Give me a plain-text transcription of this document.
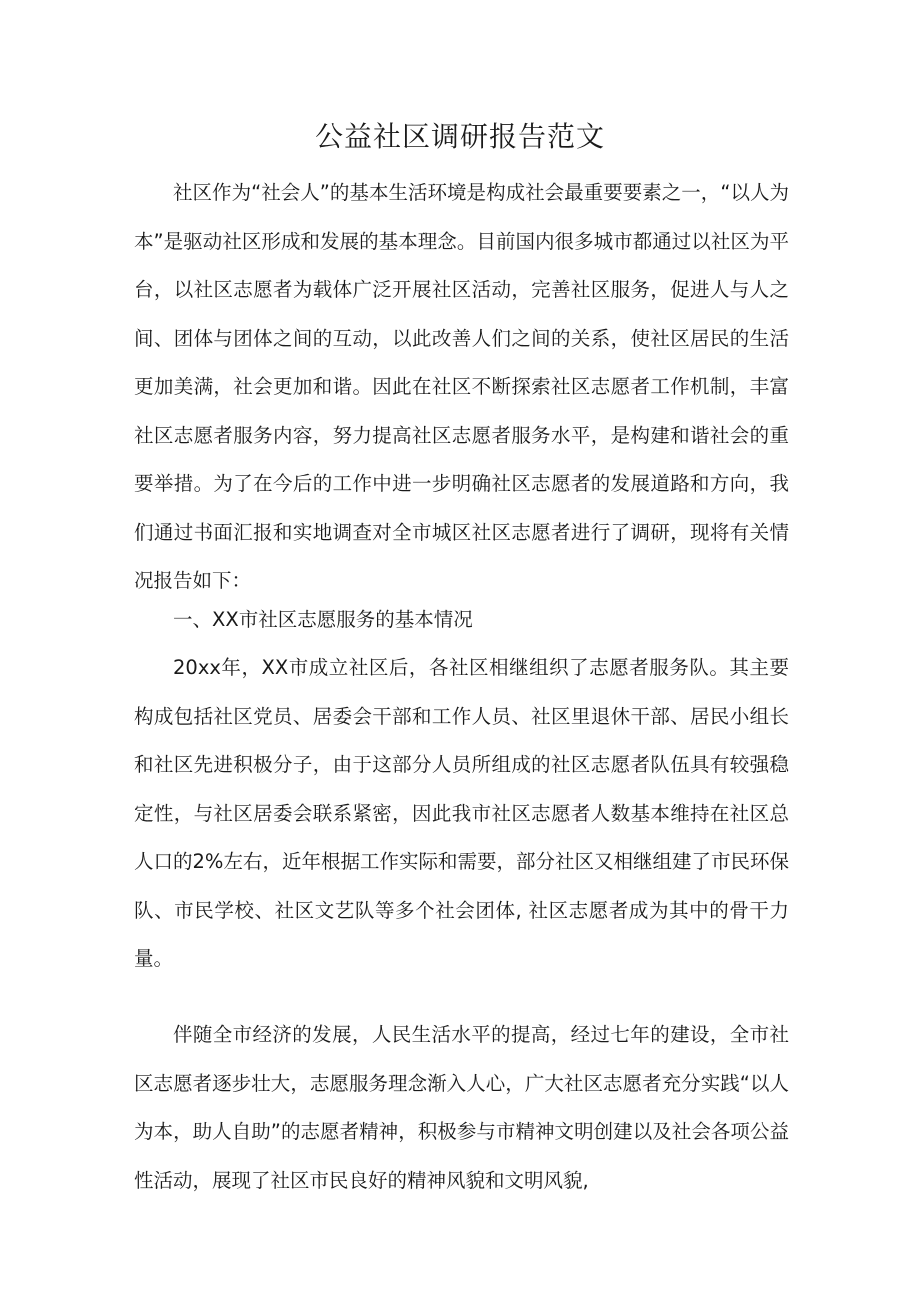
公益社区调研报告范文

社区作为“社会人”的基本生活环境是构成社会最重要要素之一，“以人为本”是驱动社区形成和发展的基本理念。目前国内很多城市都通过以社区为平台，以社区志愿者为载体广泛开展社区活动，完善社区服务，促进人与人之间、团体与团体之间的互动，以此改善人们之间的关系，使社区居民的生活更加美满，社会更加和谐。因此在社区不断探索社区志愿者工作机制，丰富社区志愿者服务内容，努力提高社区志愿者服务水平，是构建和谐社会的重要举措。为了在今后的工作中进一步明确社区志愿者的发展道路和方向，我们通过书面汇报和实地调查对全市城区社区志愿者进行了调研，现将有关情况报告如下：

一、XX市社区志愿服务的基本情况

20xx年，XX市成立社区后，各社区相继组织了志愿者服务队。其主要构成包括社区党员、居委会干部和工作人员、社区里退休干部、居民小组长和社区先进积极分子，由于这部分人员所组成的社区志愿者队伍具有较强稳定性，与社区居委会联系紧密，因此我市社区志愿者人数基本维持在社区总人口的2%左右，近年根据工作实际和需要，部分社区又相继组建了市民环保队、市民学校、社区文艺队等多个社会团体, 社区志愿者成为其中的骨干力量。

伴随全市经济的发展，人民生活水平的提高，经过七年的建设，全市社区志愿者逐步壮大，志愿服务理念渐入人心，广大社区志愿者充分实践“以人为本，助人自助”的志愿者精神，积极参与市精神文明创建以及社会各项公益性活动，展现了社区市民良好的精神风貌和文明风貌,
